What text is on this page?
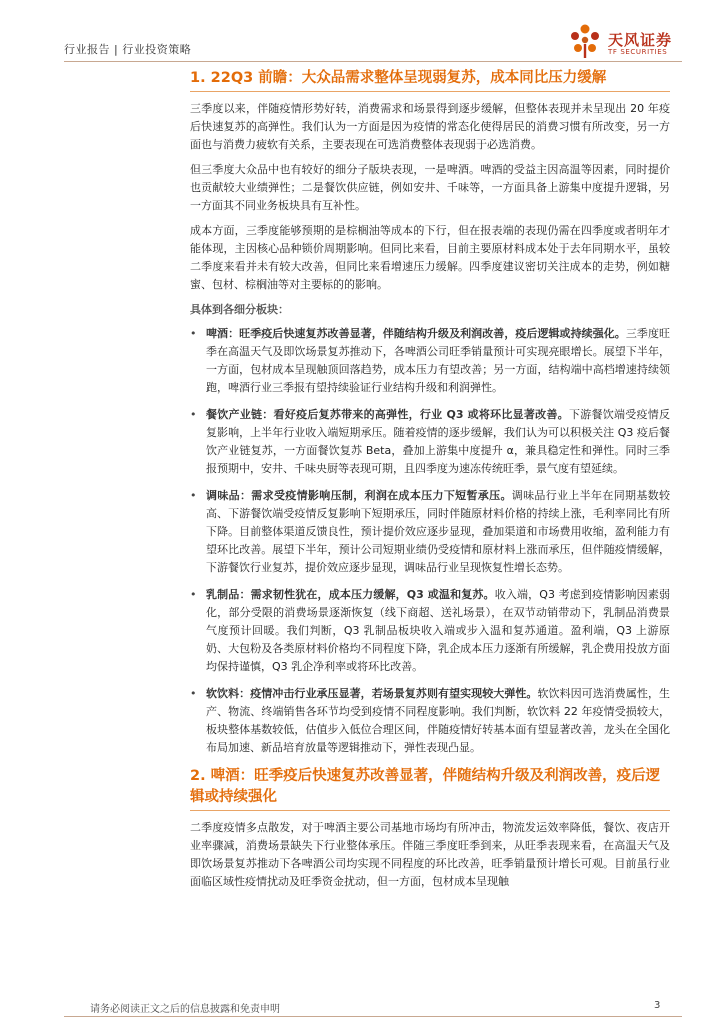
行业报告 | 行业投资策略
天风证券
TF SECURITIES
1. 22Q3 前瞻：大众品需求整体呈现弱复苏，成本同比压力缓解

三季度以来，伴随疫情形势好转，消费需求和场景得到逐步缓解，但整体表现并未呈现出 20 年疫后快速复苏的高弹性。我们认为一方面是因为疫情的常态化使得居民的消费习惯有所改变，另一方面也与消费力疲软有关系，主要表现在可选消费整体表现弱于必选消费。

但三季度大众品中也有较好的细分子版块表现，一是啤酒。啤酒的受益主因高温等因素，同时提价也贡献较大业绩弹性；二是餐饮供应链，例如安井、千味等，一方面具备上游集中度提升逻辑，另一方面其不同业务板块具有互补性。

成本方面，三季度能够预期的是棕榈油等成本的下行，但在报表端的表现仍需在四季度或者明年才能体现，主因核心品种锁价周期影响。但同比来看，目前主要原材料成本处于去年同期水平，虽较二季度来看并未有较大改善，但同比来看增速压力缓解。四季度建议密切关注成本的走势，例如糖蜜、包材、棕榈油等对主要标的的影响。

具体到各细分板块：
• 啤酒：旺季疫后快速复苏改善显著，伴随结构升级及利润改善，疫后逻辑或持续强化。三季度旺季在高温天气及即饮场景复苏推动下，各啤酒公司旺季销量预计可实现亮眼增长。展望下半年，一方面，包材成本呈现触顶回落趋势，成本压力有望改善；另一方面，结构端中高档增速持续领跑，啤酒行业三季报有望持续验证行业结构升级和利润弹性。
• 餐饮产业链：看好疫后复苏带来的高弹性，行业 Q3 或将环比显著改善。下游餐饮端受疫情反复影响，上半年行业收入端短期承压。随着疫情的逐步缓解，我们认为可以积极关注 Q3 疫后餐饮产业链复苏，一方面餐饮复苏 Beta，叠加上游集中度提升 α，兼具稳定性和弹性。同时三季报预期中，安井、千味央厨等表现可期，且四季度为速冻传统旺季，景气度有望延续。
• 调味品：需求受疫情影响压制，利润在成本压力下短暂承压。调味品行业上半年在同期基数较高、下游餐饮端受疫情反复影响下短期承压，同时伴随原材料价格的持续上涨，毛利率同比有所下降。目前整体渠道反馈良性，预计提价效应逐步显现，叠加渠道和市场费用收缩，盈利能力有望环比改善。展望下半年，预计公司短期业绩仍受疫情和原材料上涨而承压，但伴随疫情缓解，下游餐饮行业复苏，提价效应逐步显现，调味品行业呈现恢复性增长态势。
• 乳制品：需求韧性犹在，成本压力缓解，Q3 或温和复苏。收入端，Q3 考虑到疫情影响因素弱化，部分受限的消费场景逐渐恢复（线下商超、送礼场景），在双节动销带动下，乳制品消费景气度预计回暖。我们判断，Q3 乳制品板块收入端或步入温和复苏通道。盈利端，Q3 上游原奶、大包粉及各类原材料价格均不同程度下降，乳企成本压力逐渐有所缓解，乳企费用投放方面均保持谨慎，Q3 乳企净利率或将环比改善。
• 软饮料：疫情冲击行业承压显著，若场景复苏则有望实现较大弹性。软饮料因可选消费属性，生产、物流、终端销售各环节均受到疫情不同程度影响。我们判断，软饮料 22 年疫情受损较大，板块整体基数较低，估值步入低位合理区间，伴随疫情好转基本面有望显著改善，龙头在全国化布局加速、新品培育放量等逻辑推动下，弹性表现凸显。
2. 啤酒：旺季疫后快速复苏改善显著，伴随结构升级及利润改善，疫后逻辑或持续强化

二季度疫情多点散发，对于啤酒主要公司基地市场均有所冲击，物流发运效率降低，餐饮、夜店开业率骤减，消费场景缺失下行业整体承压。伴随三季度旺季到来，从旺季表现来看，在高温天气及即饮场景复苏推动下各啤酒公司均实现不同程度的环比改善，旺季销量预计增长可观。目前虽行业面临区域性疫情扰动及旺季资金扰动，但一方面，包材成本呈现触

请务必阅读正文之后的信息披露和免责申明	3
